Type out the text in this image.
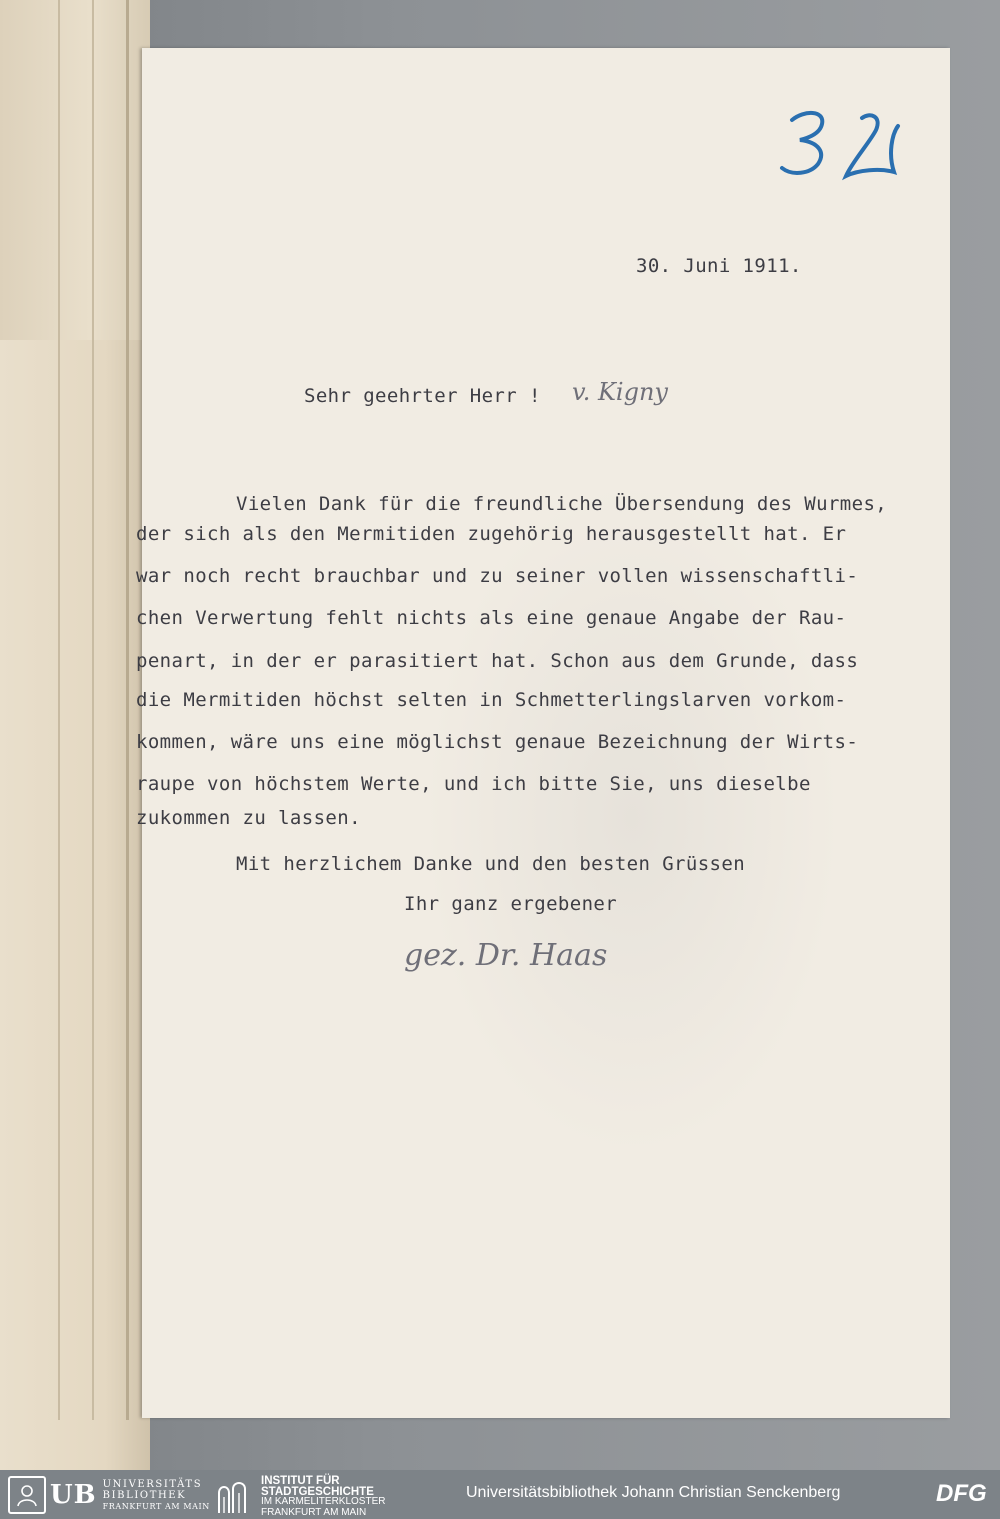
30. Juni 1911.
Sehr geehrter Herr ! v. Kigny
Vielen Dank für die freundliche Übersendung des Wurmes,
der sich als den Mermitiden zugehörig herausgestellt hat. Er
war noch recht brauchbar und zu seiner vollen wissenschaftli-
chen Verwertung fehlt nichts als eine genaue Angabe der Rau-
penart, in der er parasitiert hat. Schon aus dem Grunde, dass
die Mermitiden höchst selten in Schmetterlingslarven vorkom-
kommen, wäre uns eine möglichst genaue Bezeichnung der Wirts-
raupe von höchstem Werte, und ich bitte Sie, uns dieselbe
zukommen zu lassen.
Mit herzlichem Danke und den besten Grüssen
Ihr ganz ergebener
gez. Dr. Haas
UB UNIVERSITÄTS
BIBLIOTHEK
FRANKFURT AM MAIN
INSTITUT FÜR
STADTGESCHICHTE
IM KARMELITERKLOSTER
FRANKFURT AM MAIN
Universitätsbibliothek Johann Christian Senckenberg	DFG
